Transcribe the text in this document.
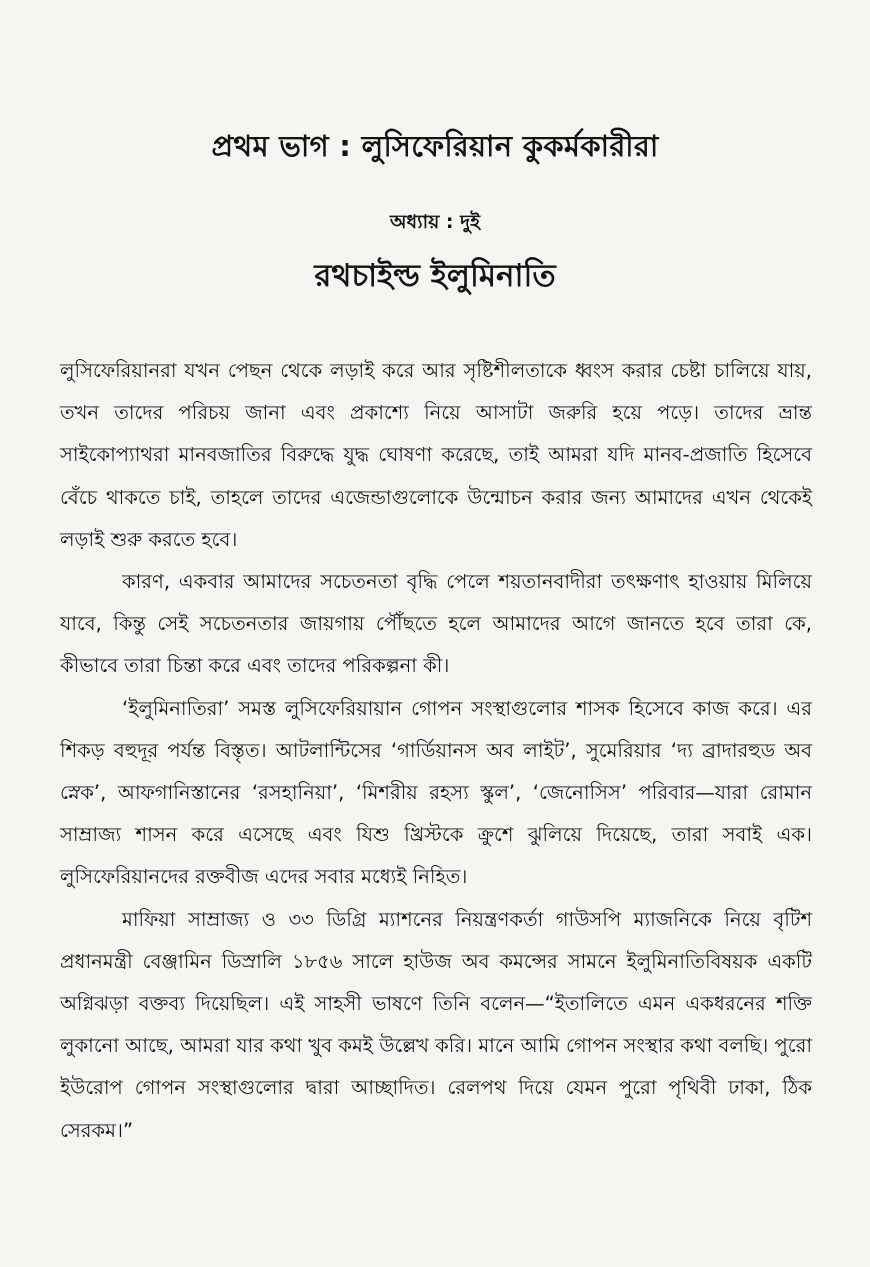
প্রথম ভাগ : লুসিফেরিয়ান কুকর্মকারীরা
অধ্যায় : দুই
রথচাইল্ড ইলুমিনাতি

লুসিফেরিয়ানরা যখন পেছন থেকে লড়াই করে আর সৃষ্টিশীলতাকে ধ্বংস করার চেষ্টা চালিয়ে যায়, তখন তাদের পরিচয় জানা এবং প্রকাশ্যে নিয়ে আসাটা জরুরি হয়ে পড়ে। তাদের ভ্রান্ত সাইকোপ্যাথরা মানবজাতির বিরুদ্ধে যুদ্ধ ঘোষণা করেছে, তাই আমরা যদি মানব-প্রজাতি হিসেবে বেঁচে থাকতে চাই, তাহলে তাদের এজেন্ডাগুলোকে উন্মোচন করার জন্য আমাদের এখন থেকেই লড়াই শুরু করতে হবে।

কারণ, একবার আমাদের সচেতনতা বৃদ্ধি পেলে শয়তানবাদীরা তৎক্ষণাৎ হাওয়ায় মিলিয়ে যাবে, কিন্তু সেই সচেতনতার জায়গায় পৌঁছতে হলে আমাদের আগে জানতে হবে তারা কে, কীভাবে তারা চিন্তা করে এবং তাদের পরিকল্পনা কী।

‘ইলুমিনাতিরা’ সমস্ত লুসিফেরিয়ায়ান গোপন সংস্থাগুলোর শাসক হিসেবে কাজ করে। এর শিকড় বহুদূর পর্যন্ত বিস্তৃত। আটলান্টিসের ‘গার্ডিয়ানস অব লাইট’, সুমেরিয়ার ‘দ্য ব্রাদারহুড অব স্নেক’, আফগানিস্তানের ‘রসহানিয়া’, ‘মিশরীয় রহস্য স্কুল’, ‘জেনোসিস’ পরিবার—যারা রোমান সাম্রাজ্য শাসন করে এসেছে এবং যিশু খ্রিস্টকে ক্রুশে ঝুলিয়ে দিয়েছে, তারা সবাই এক। লুসিফেরিয়ানদের রক্তবীজ এদের সবার মধ্যেই নিহিত।

মাফিয়া সাম্রাজ্য ও ৩৩ ডিগ্রি ম্যাশনের নিয়ন্ত্রণকর্তা গাউসপি ম্যাজনিকে নিয়ে বৃটিশ প্রধানমন্ত্রী বেঞ্জামিন ডিস্রালি ১৮৫৬ সালে হাউজ অব কমন্সের সামনে ইলুমিনাতিবিষয়ক একটি অগ্নিঝড়া বক্তব্য দিয়েছিল। এই সাহসী ভাষণে তিনি বলেন—“ইতালিতে এমন একধরনের শক্তি লুকানো আছে, আমরা যার কথা খুব কমই উল্লেখ করি। মানে আমি গোপন সংস্থার কথা বলছি। পুরো ইউরোপ গোপন সংস্থাগুলোর দ্বারা আচ্ছাদিত। রেলপথ দিয়ে যেমন পুরো পৃথিবী ঢাকা, ঠিক সেরকম।”
